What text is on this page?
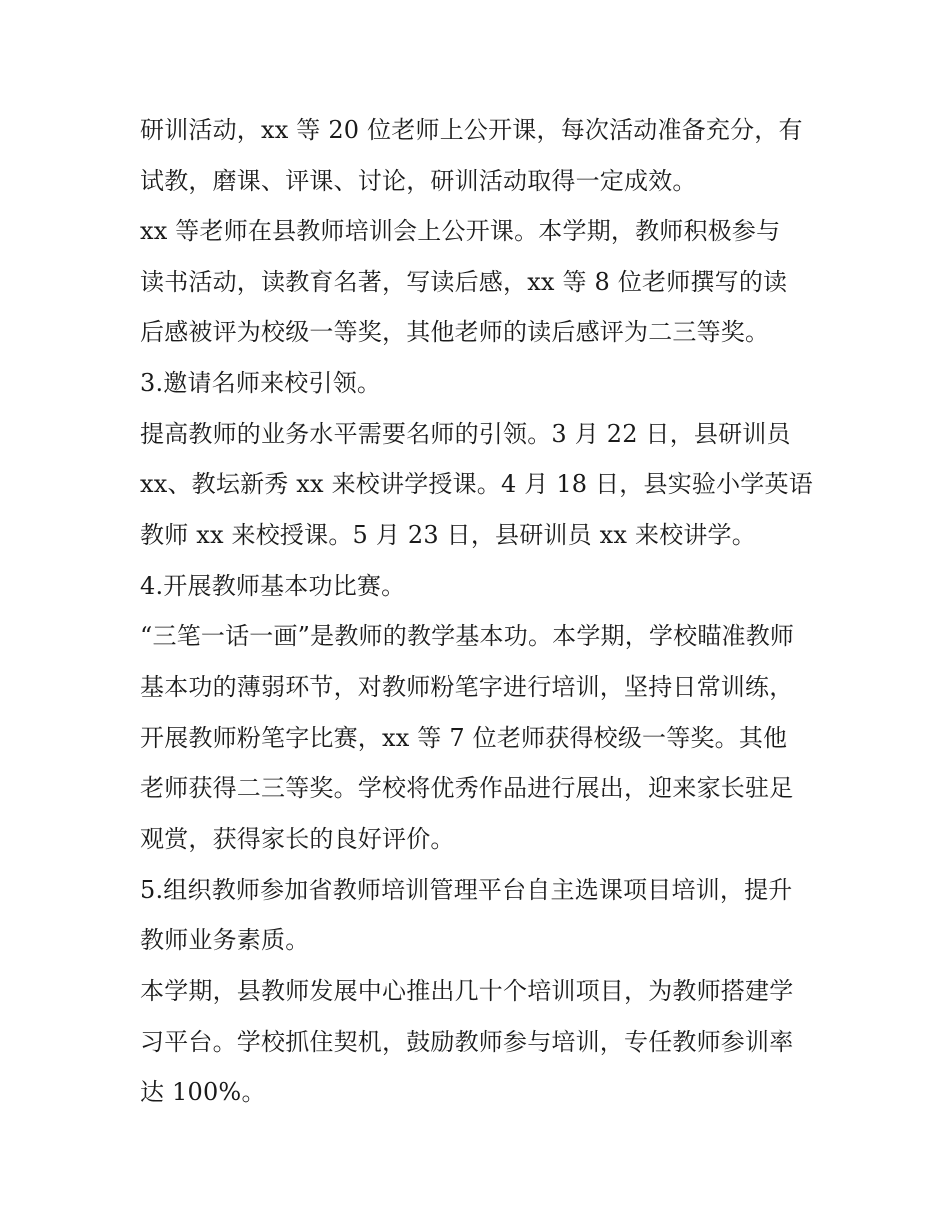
研训活动，xx 等 20 位老师上公开课，每次活动准备充分，有
试教，磨课、评课、讨论，研训活动取得一定成效。
xx 等老师在县教师培训会上公开课。本学期，教师积极参与
读书活动，读教育名著，写读后感，xx 等 8 位老师撰写的读
后感被评为校级一等奖，其他老师的读后感评为二三等奖。
3.邀请名师来校引领。
提高教师的业务水平需要名师的引领。3 月 22 日，县研训员
xx、教坛新秀 xx 来校讲学授课。4 月 18 日，县实验小学英语
教师 xx 来校授课。5 月 23 日，县研训员 xx 来校讲学。
4.开展教师基本功比赛。
“三笔一话一画”是教师的教学基本功。本学期，学校瞄准教师
基本功的薄弱环节，对教师粉笔字进行培训，坚持日常训练，
开展教师粉笔字比赛，xx 等 7 位老师获得校级一等奖。其他
老师获得二三等奖。学校将优秀作品进行展出，迎来家长驻足
观赏，获得家长的良好评价。
5.组织教师参加省教师培训管理平台自主选课项目培训，提升
教师业务素质。
本学期，县教师发展中心推出几十个培训项目，为教师搭建学
习平台。学校抓住契机，鼓励教师参与培训，专任教师参训率
达 100%。
